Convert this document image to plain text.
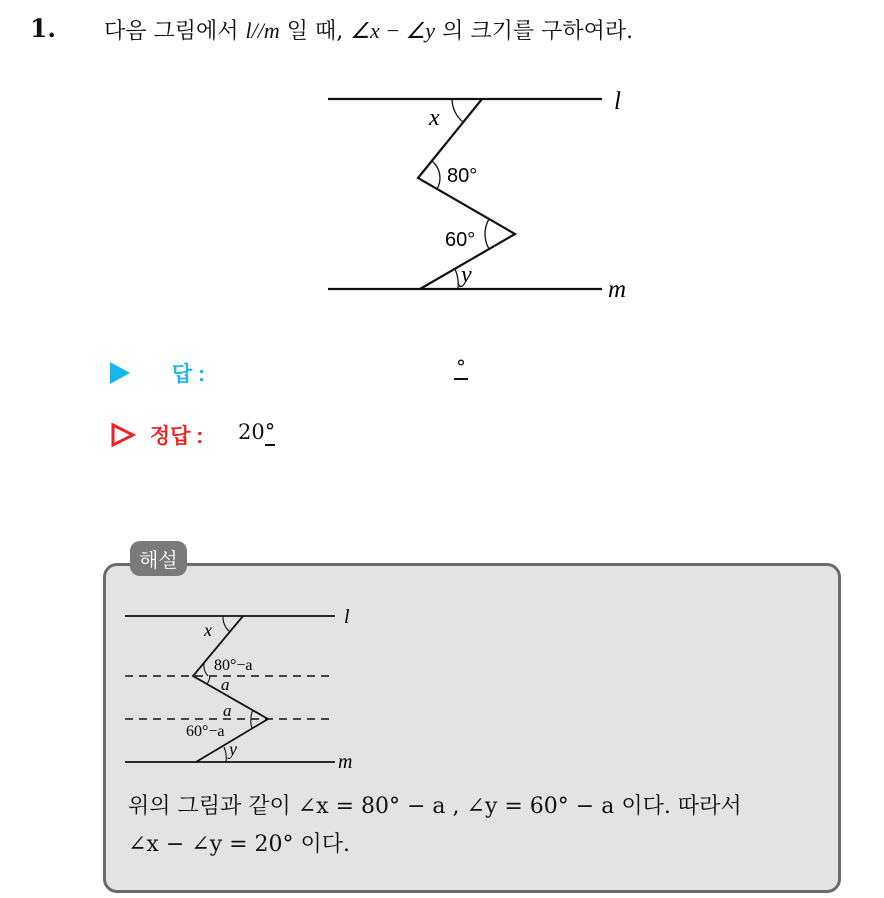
1. 다음 그림에서 l//m 일 때, ∠x − ∠y 의 크기를 구하여라.
l
m
x
80°
60°
y
답 :	°
정답 : 20°
해설
l
m
x
80°−a
a
a
60°−a
y
위의 그림과 같이 ∠x = 80° − a , ∠y = 60° − a 이다. 따라서
∠x − ∠y = 20° 이다.
